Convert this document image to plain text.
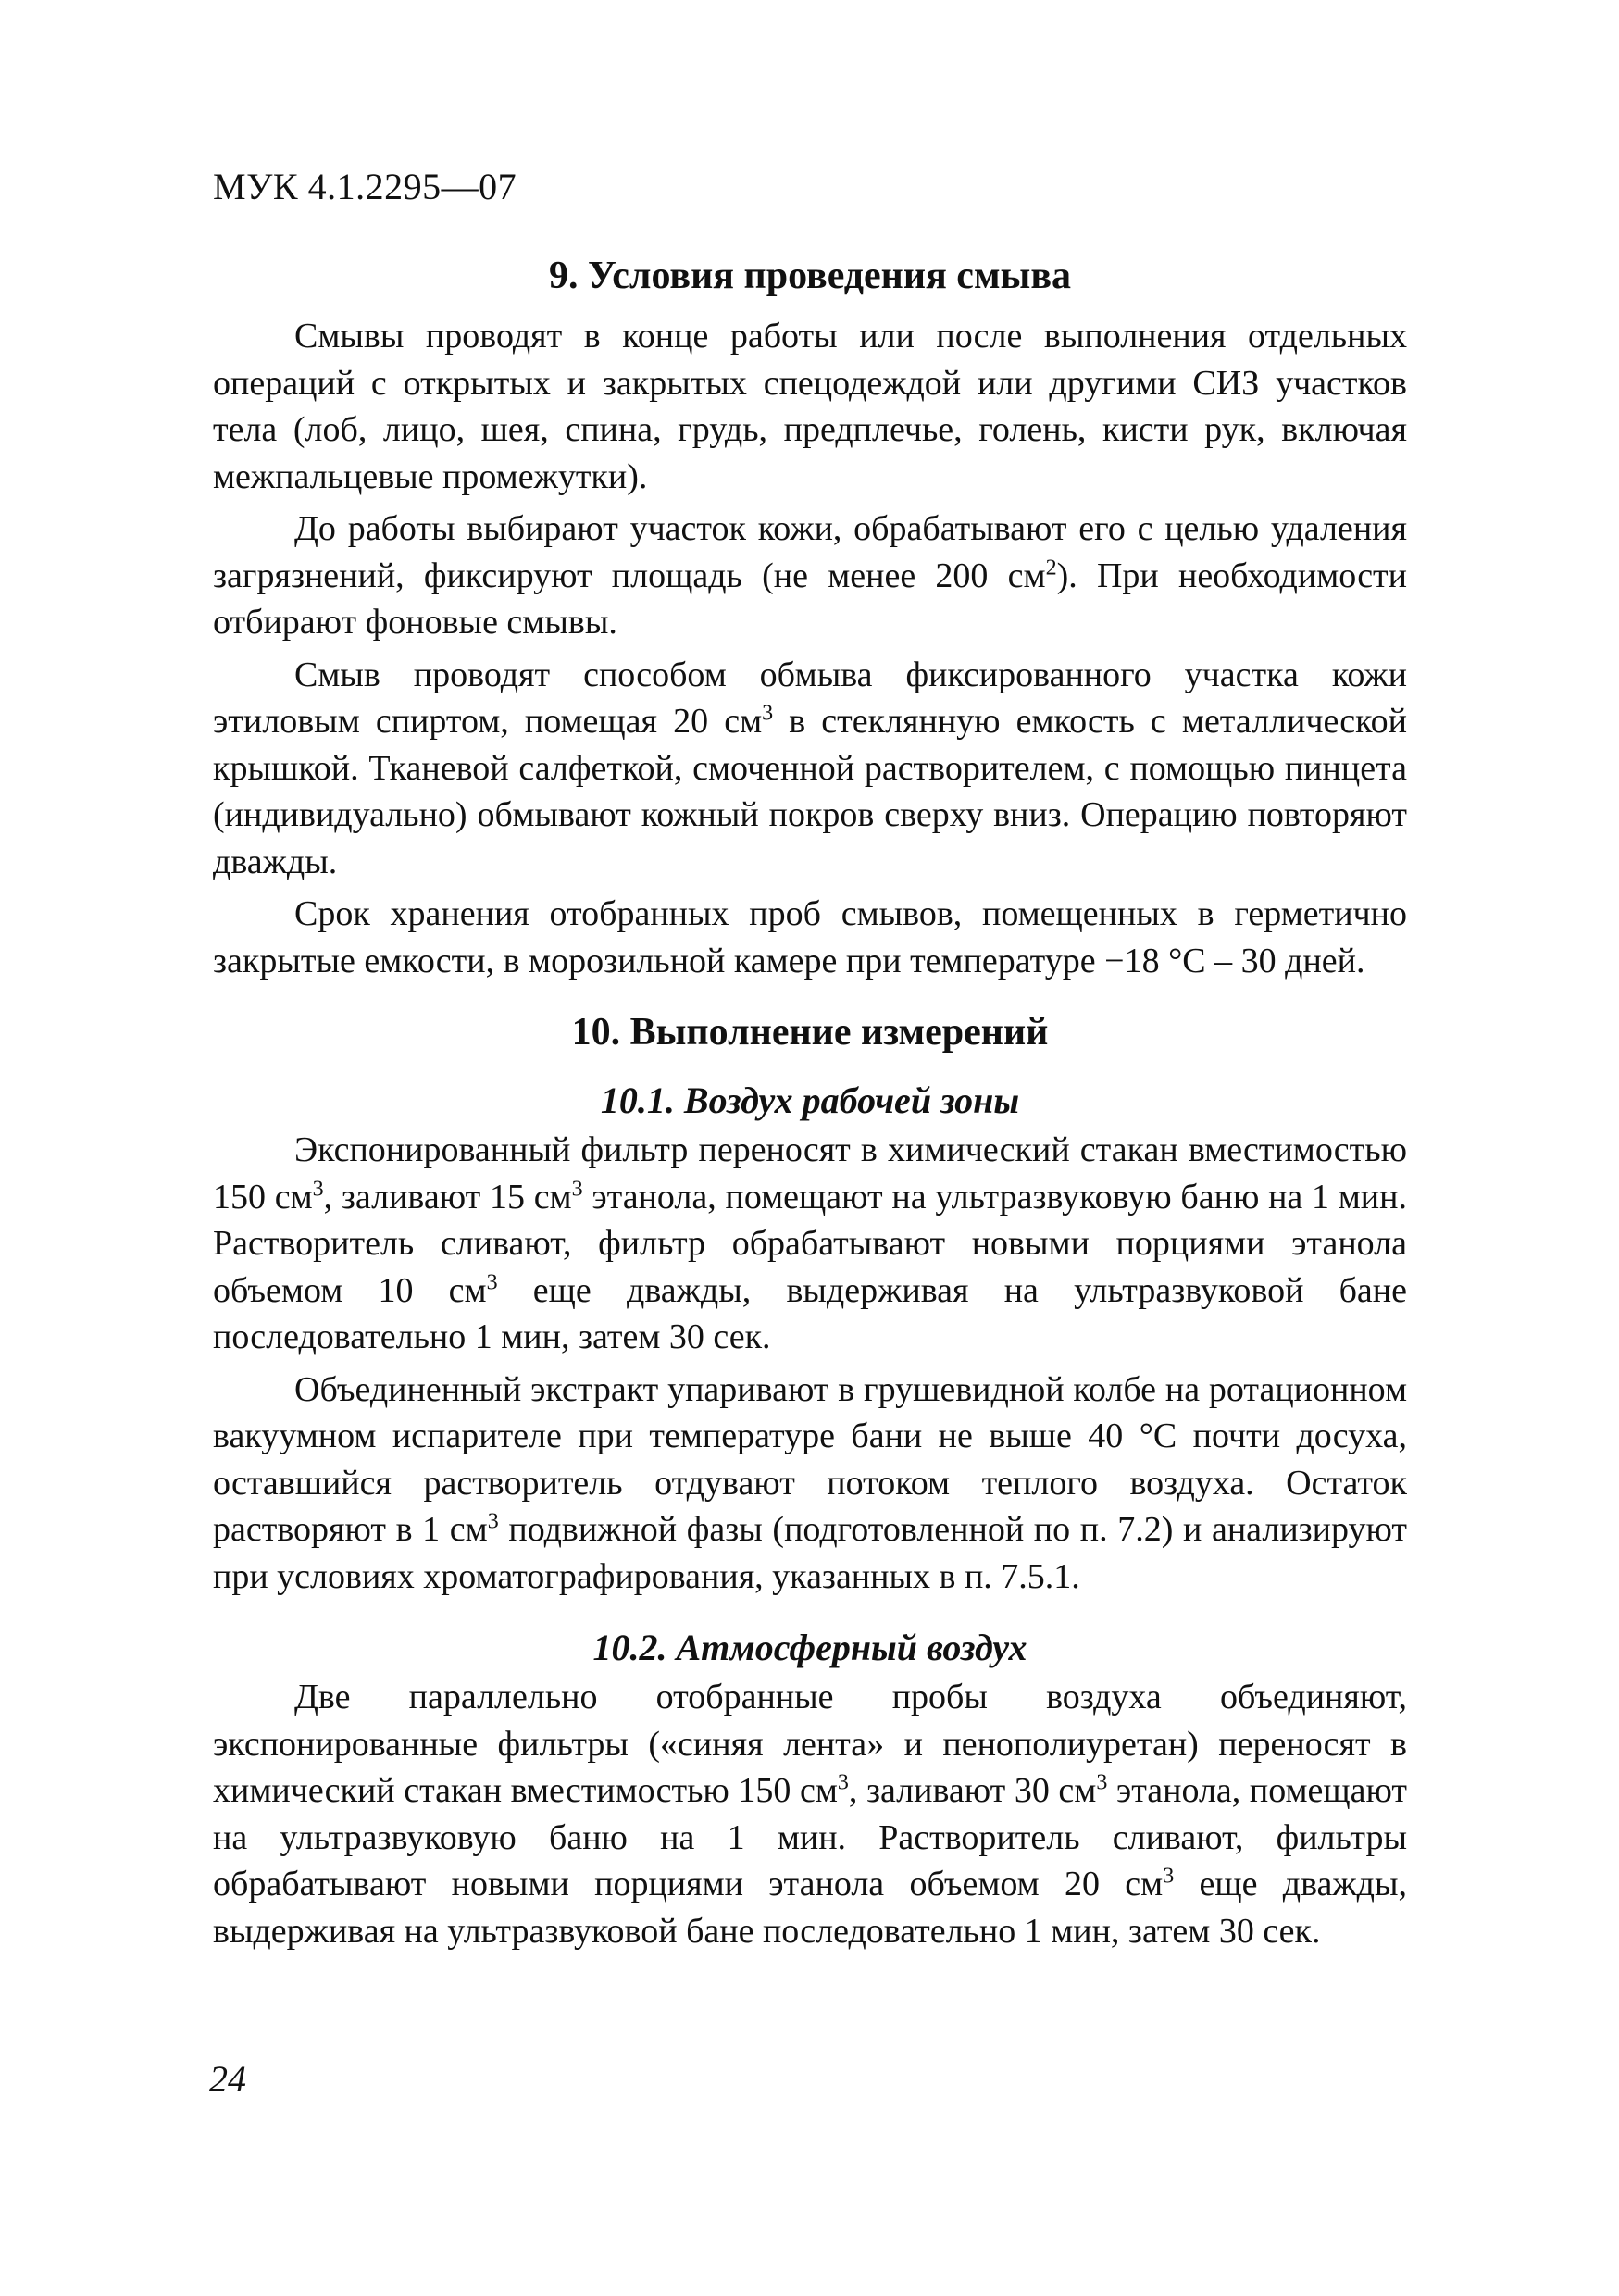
МУК 4.1.2295—07
9. Условия проведения смыва

Смывы проводят в конце работы или после выполнения отдельных операций с открытых и закрытых спецодеждой или другими СИЗ участков тела (лоб, лицо, шея, спина, грудь, предплечье, голень, кисти рук, включая межпальцевые промежутки).

До работы выбирают участок кожи, обрабатывают его с целью удаления загрязнений, фиксируют площадь (не менее 200 $см^2$). При необходимости отбирают фоновые смывы.

Смыв проводят способом обмыва фиксированного участка кожи этиловым спиртом, помещая 20 $см^3$ в стеклянную емкость с металлической крышкой. Тканевой салфеткой, смоченной растворителем, с помощью пинцета (индивидуально) обмывают кожный покров сверху вниз. Операцию повторяют дважды.

Срок хранения отобранных проб смывов, помещенных в герметично закрытые емкости, в морозильной камере при температуре −18 °С – 30 дней.

10. Выполнение измерений
10.1. Воздух рабочей зоны

Экспонированный фильтр переносят в химический стакан вместимостью 150 $см^3$, заливают 15 $см^3$ этанола, помещают на ультразвуковую баню на 1 мин. Растворитель сливают, фильтр обрабатывают новыми порциями этанола объемом 10 $см^3$ еще дважды, выдерживая на ультразвуковой бане последовательно 1 мин, затем 30 сек.

Объединенный экстракт упаривают в грушевидной колбе на ротационном вакуумном испарителе при температуре бани не выше 40 °С почти досуха, оставшийся растворитель отдувают потоком теплого воздуха. Остаток растворяют в 1 $см^3$ подвижной фазы (подготовленной по п. 7.2) и анализируют при условиях хроматографирования, указанных в п. 7.5.1.

10.2. Атмосферный воздух

Две параллельно отобранные пробы воздуха объединяют, экспонированные фильтры («синяя лента» и пенополиуретан) переносят в химический стакан вместимостью 150 $см^3$, заливают 30 $см^3$ этанола, помещают на ультразвуковую баню на 1 мин. Растворитель сливают, фильтры обрабатывают новыми порциями этанола объемом 20 $см^3$ еще дважды, выдерживая на ультразвуковой бане последовательно 1 мин, затем 30 сек.

24
